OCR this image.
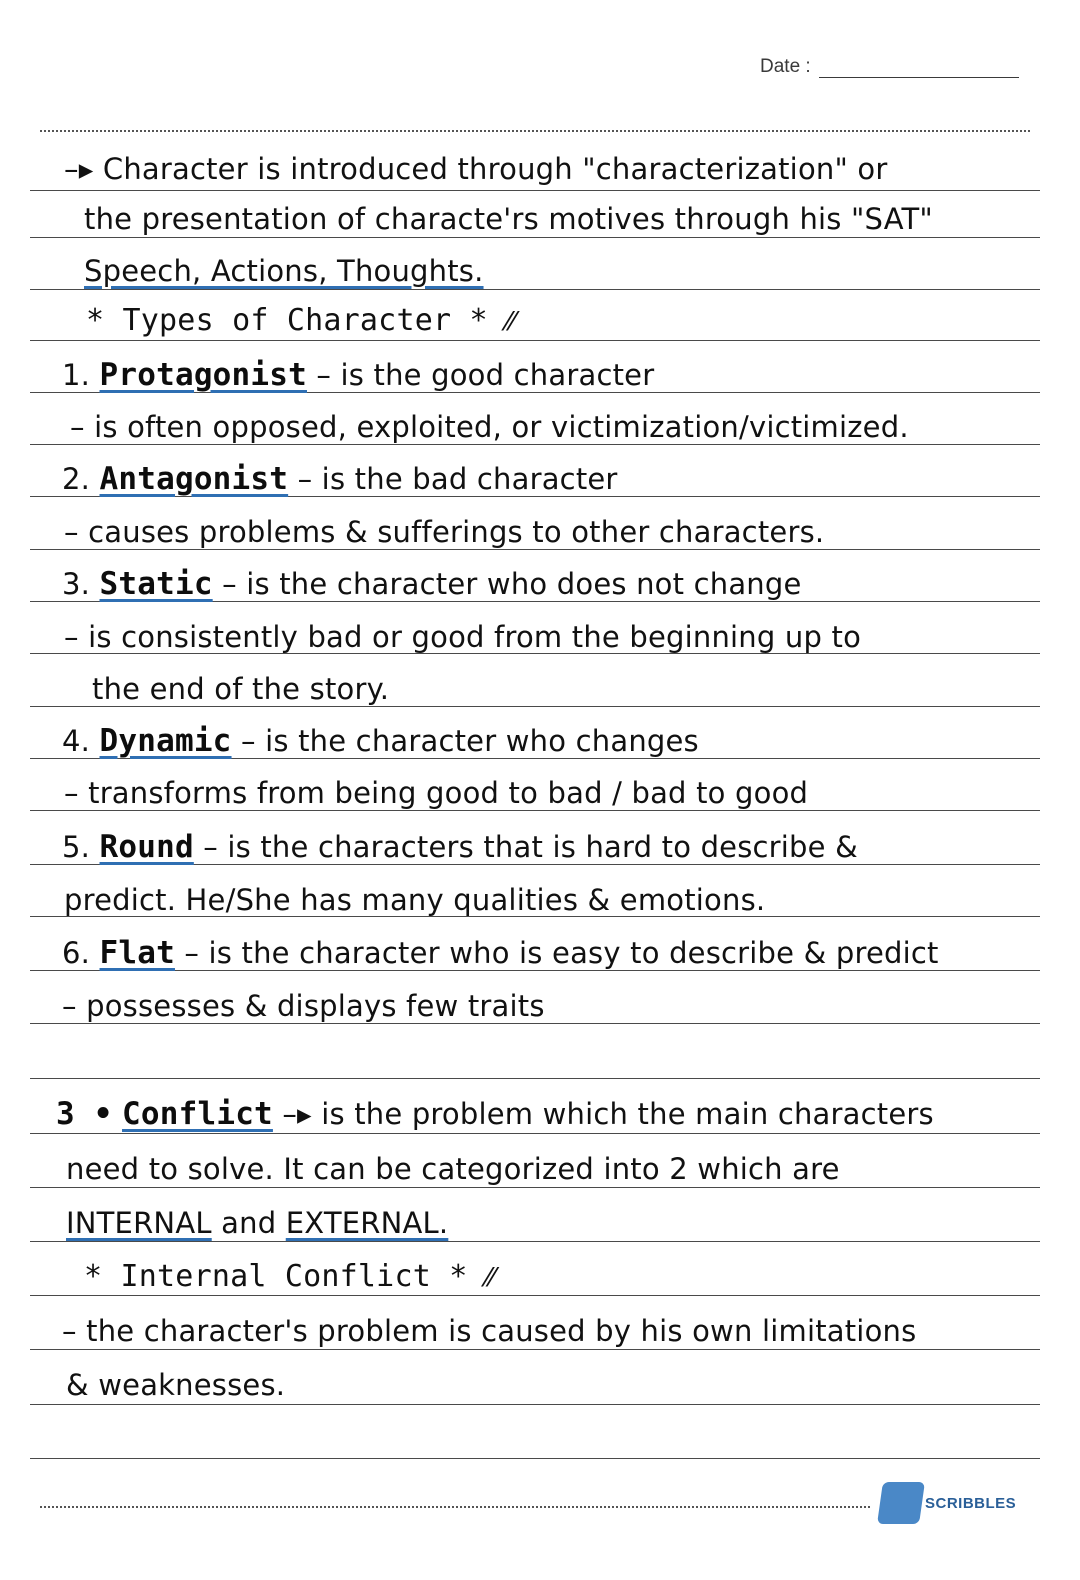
Date :
–▸ Character is introduced through "characterization" or
the presentation of characte'rs motives through his "SAT"
Speech, Actions, Thoughts.
* Types of Character * ⁄⁄
1. Protagonist – is the good character
– is often opposed, exploited, or victimization/victimized.
2. Antagonist – is the bad character
– causes problems & sufferings to other characters.
3. Static – is the character who does not change
– is consistently bad or good from the beginning up to
the end of the story.
4. Dynamic – is the character who changes
– transforms from being good to bad / bad to good
5. Round – is the characters that is hard to describe &
predict. He/She has many qualities & emotions.
6. Flat – is the character who is easy to describe & predict
– possesses & displays few traits
3 • Conflict –▸ is the problem which the main characters
need to solve. It can be categorized into 2 which are
INTERNAL and EXTERNAL.
* Internal Conflict * ⁄⁄
– the character's problem is caused by his own limitations
& weaknesses.
SCRIBBLES
